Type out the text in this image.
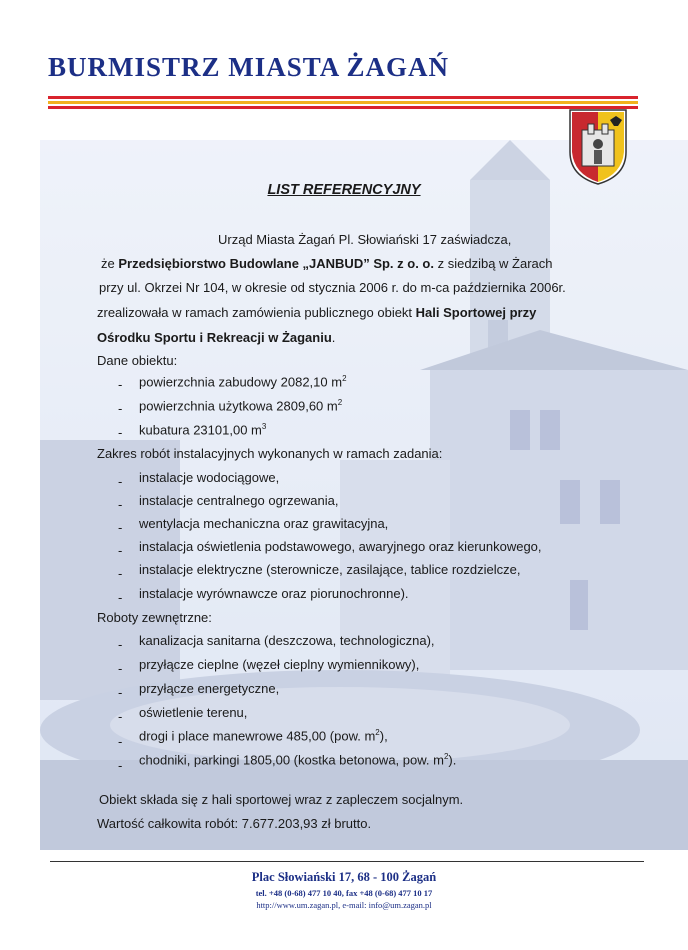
BURMISTRZ MIASTA ŻAGAŃ
LIST REFERENCYJNY
Urząd Miasta Żagań Pl. Słowiański 17 zaświadcza,
że Przedsiębiorstwo Budowlane „JANBUD” Sp. z o. o. z siedzibą w Żarach
przy ul. Okrzei Nr 104, w okresie od stycznia 2006 r. do m-ca października 2006r.
zrealizowała w ramach zamówienia publicznego obiekt Hali Sportowej przy
Ośrodku Sportu i Rekreacji w Żaganiu.
Dane obiektu:
- powierzchnia zabudowy 2082,10 $m^2$
- powierzchnia użytkowa 2809,60 $m^2$
- kubatura 23101,00 $m^3$
Zakres robót instalacyjnych wykonanych w ramach zadania:
- instalacje wodociągowe,
- instalacje centralnego ogrzewania,
- wentylacja mechaniczna oraz grawitacyjna,
- instalacja oświetlenia podstawowego, awaryjnego oraz kierunkowego,
- instalacje elektryczne (sterownicze, zasilające, tablice rozdzielcze,
- instalacje wyrównawcze oraz piorunochronne).
Roboty zewnętrzne:
- kanalizacja sanitarna (deszczowa, technologiczna),
- przyłącze cieplne (węzeł cieplny wymiennikowy),
- przyłącze energetyczne,
- oświetlenie terenu,
- drogi i place manewrowe 485,00 (pow. $m^2$),
- chodniki, parkingi 1805,00 (kostka betonowa, pow. $m^2$).
Obiekt składa się z hali sportowej wraz z zapleczem socjalnym.
Wartość całkowita robót: 7.677.203,93 zł brutto.
Plac Słowiański 17, 68 - 100 Żagań
tel. +48 (0-68) 477 10 40, fax +48 (0-68) 477 10 17
http://www.um.zagan.pl, e-mail: info@um.zagan.pl
